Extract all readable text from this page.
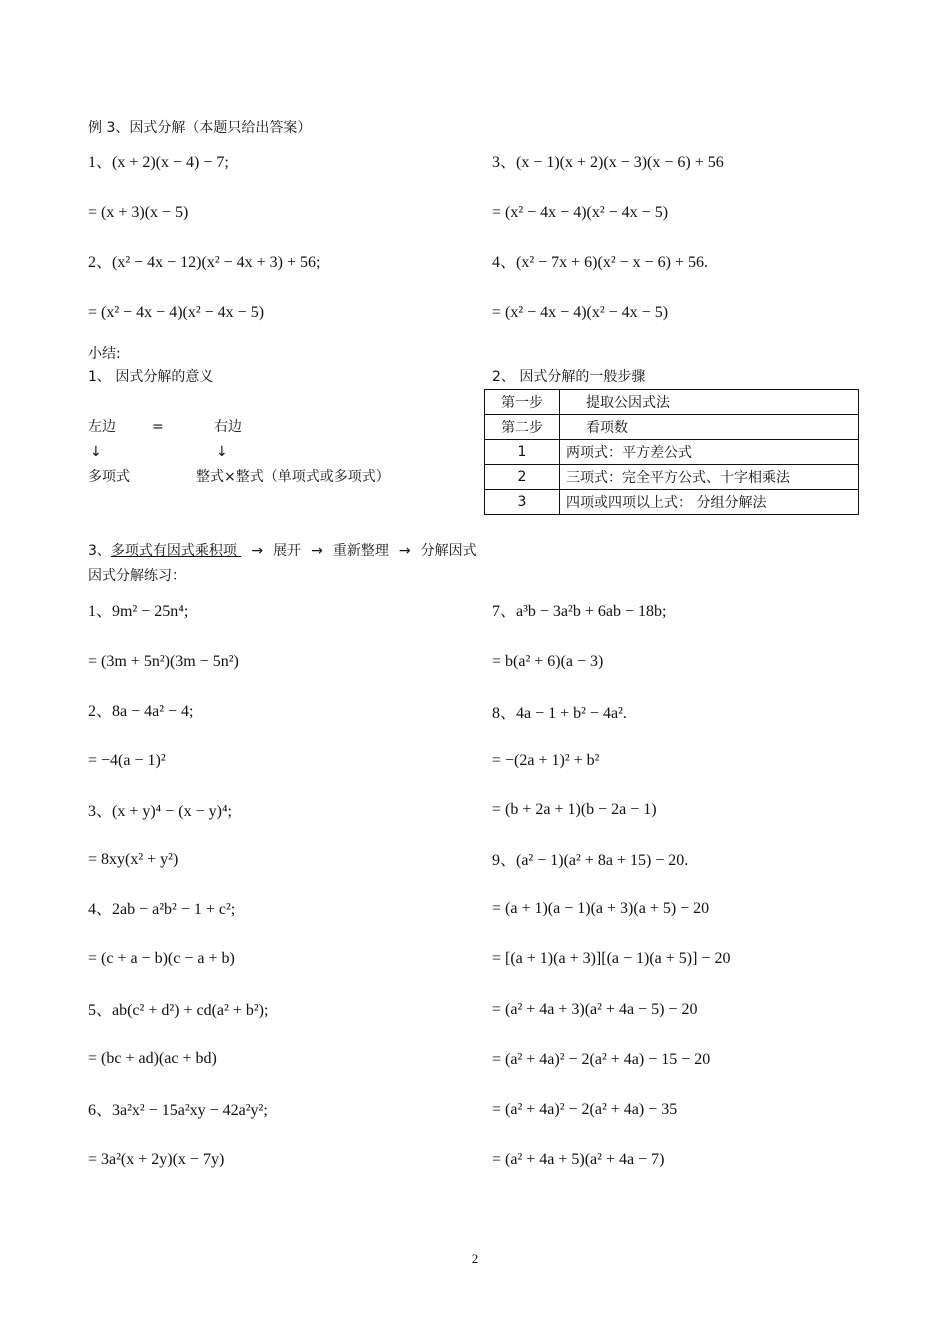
例 3、因式分解（本题只给出答案）
1、(x + 2)(x − 4) − 7;
= (x + 3)(x − 5)
2、(x² − 4x − 12)(x² − 4x + 3) + 56;
= (x² − 4x − 4)(x² − 4x − 5)
3、(x − 1)(x + 2)(x − 3)(x − 6) + 56
= (x² − 4x − 4)(x² − 4x − 5)
4、(x² − 7x + 6)(x² − x − 6) + 56.
= (x² − 4x − 4)(x² − 4x − 5)
小结:
1、 因式分解的意义
左边	=	右边
↓	↓
多项式	整式×整式（单项式或多项式）
2、 因式分解的一般步骤
第一步	提取公因式法
第二步	看项数
1	两项式：平方差公式
2	三项式：完全平方公式、十字相乘法
3	四项或四项以上式： 分组分解法
3、多项式有因式乘积项 → 展开 → 重新整理 → 分解因式
因式分解练习：
1、9m² − 25n⁴;
= (3m + 5n²)(3m − 5n²)
2、8a − 4a² − 4;
= −4(a − 1)²
3、(x + y)⁴ − (x − y)⁴;
= 8xy(x² + y²)
4、2ab − a²b² − 1 + c²;
= (c + a − b)(c − a + b)
5、ab(c² + d²) + cd(a² + b²);
= (bc + ad)(ac + bd)
6、3a²x² − 15a²xy − 42a²y²;
= 3a²(x + 2y)(x − 7y)
7、a³b − 3a²b + 6ab − 18b;
= b(a² + 6)(a − 3)
8、4a − 1 + b² − 4a².
= −(2a + 1)² + b²
= (b + 2a + 1)(b − 2a − 1)
9、(a² − 1)(a² + 8a + 15) − 20.
= (a + 1)(a − 1)(a + 3)(a + 5) − 20
= [(a + 1)(a + 3)][(a − 1)(a + 5)] − 20
= (a² + 4a + 3)(a² + 4a − 5) − 20
= (a² + 4a)² − 2(a² + 4a) − 15 − 20
= (a² + 4a)² − 2(a² + 4a) − 35
= (a² + 4a + 5)(a² + 4a − 7)
2
